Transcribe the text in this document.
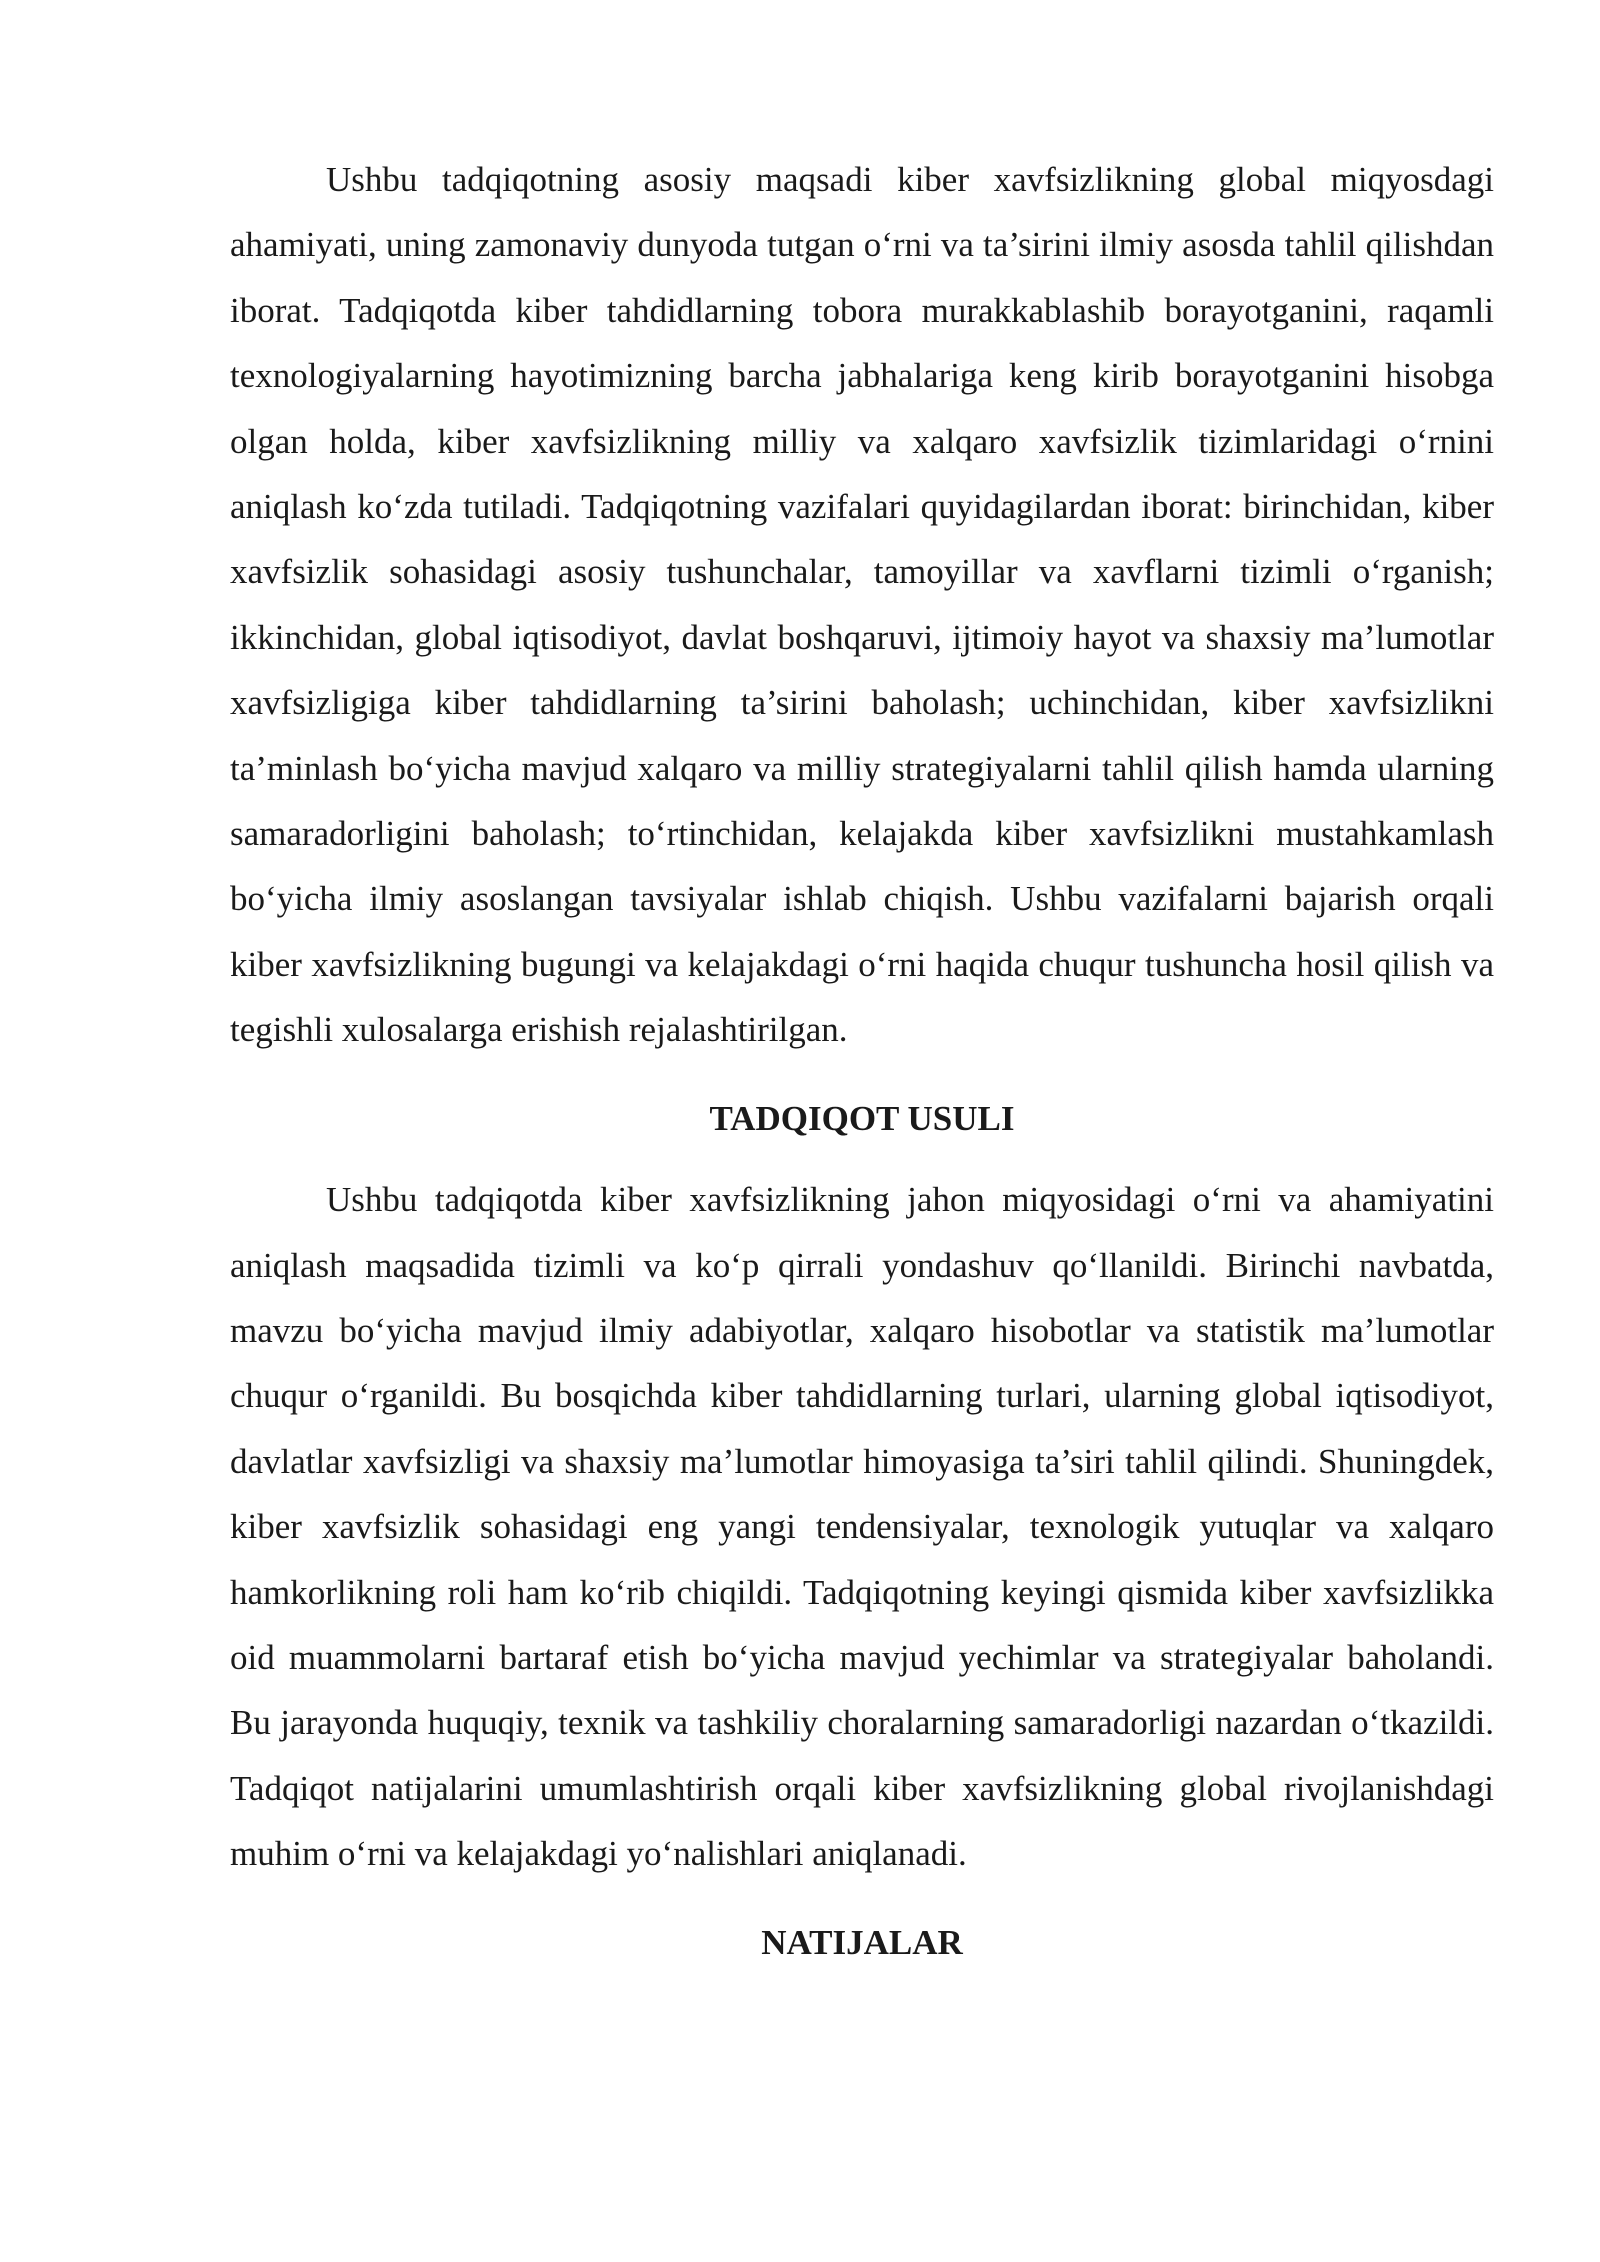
Ushbu tadqiqotning asosiy maqsadi kiber xavfsizlikning global miqyosdagi ahamiyati, uning zamonaviy dunyoda tutgan o‘rni va ta’sirini ilmiy asosda tahlil qilishdan iborat. Tadqiqotda kiber tahdidlarning tobora murakkablashib borayotganini, raqamli texnologiyalarning hayotimizning barcha jabhalariga keng kirib borayotganini hisobga olgan holda, kiber xavfsizlikning milliy va xalqaro xavfsizlik tizimlaridagi o‘rnini aniqlash ko‘zda tutiladi. Tadqiqotning vazifalari quyidagilardan iborat: birinchidan, kiber xavfsizlik sohasidagi asosiy tushunchalar, tamoyillar va xavflarni tizimli o‘rganish; ikkinchidan, global iqtisodiyot, davlat boshqaruvi, ijtimoiy hayot va shaxsiy ma’lumotlar xavfsizligiga kiber tahdidlarning ta’sirini baholash; uchinchidan, kiber xavfsizlikni ta’minlash bo‘yicha mavjud xalqaro va milliy strategiyalarni tahlil qilish hamda ularning samaradorligini baholash; to‘rtinchidan, kelajakda kiber xavfsizlikni mustahkamlash bo‘yicha ilmiy asoslangan tavsiyalar ishlab chiqish. Ushbu vazifalarni bajarish orqali kiber xavfsizlikning bugungi va kelajakdagi o‘rni haqida chuqur tushuncha hosil qilish va tegishli xulosalarga erishish rejalashtirilgan.

TADQIQOT USULI

Ushbu tadqiqotda kiber xavfsizlikning jahon miqyosidagi o‘rni va ahamiyatini aniqlash maqsadida tizimli va ko‘p qirrali yondashuv qo‘llanildi. Birinchi navbatda, mavzu bo‘yicha mavjud ilmiy adabiyotlar, xalqaro hisobotlar va statistik ma’lumotlar chuqur o‘rganildi. Bu bosqichda kiber tahdidlarning turlari, ularning global iqtisodiyot, davlatlar xavfsizligi va shaxsiy ma’lumotlar himoyasiga ta’siri tahlil qilindi. Shuningdek, kiber xavfsizlik sohasidagi eng yangi tendensiyalar, texnologik yutuqlar va xalqaro hamkorlikning roli ham ko‘rib chiqildi. Tadqiqotning keyingi qismida kiber xavfsizlikka oid muammolarni bartaraf etish bo‘yicha mavjud yechimlar va strategiyalar baholandi. Bu jarayonda huquqiy, texnik va tashkiliy choralarning samaradorligi nazardan o‘tkazildi. Tadqiqot natijalarini umumlashtirish orqali kiber xavfsizlikning global rivojlanishdagi muhim o‘rni va kelajakdagi yo‘nalishlari aniqlanadi.

NATIJALAR
